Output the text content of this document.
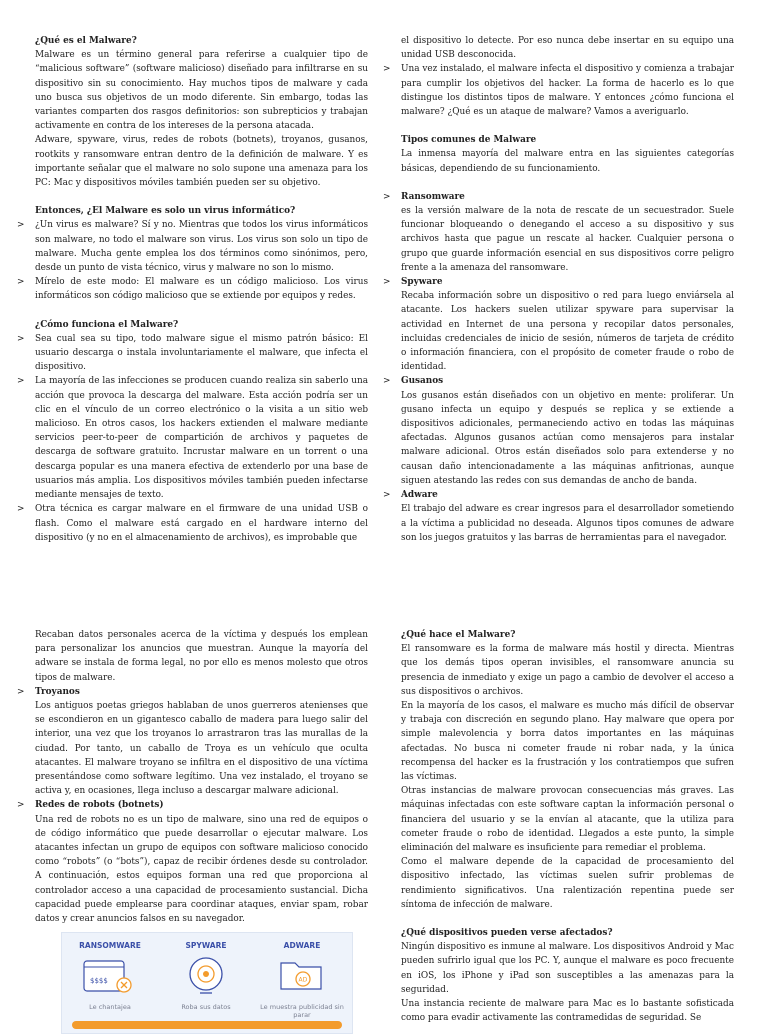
¿Qué es el Malware?

Malware es un término general para referirse a cualquier tipo de “malicious software” (software malicioso) diseñado para infiltrarse en su dispositivo sin su conocimiento. Hay muchos tipos de malware y cada uno busca sus objetivos de un modo diferente. Sin embargo, todas las variantes comparten dos rasgos definitorios: son subrepticios y trabajan activamente en contra de los intereses de la persona atacada.

Adware, spyware, virus, redes de robots (botnets), troyanos, gusanos, rootkits y ransomware entran dentro de la definición de malware. Y es importante señalar que el malware no solo supone una amenaza para los PC: Mac y dispositivos móviles también pueden ser su objetivo.

Entonces, ¿El Malware es solo un virus informático?

> ¿Un virus es malware? Sí y no. Mientras que todos los virus informáticos son malware, no todo el malware son virus. Los virus son solo un tipo de malware. Mucha gente emplea los dos términos como sinónimos, pero, desde un punto de vista técnico, virus y malware no son lo mismo.

> Mírelo de este modo: El malware es un código malicioso. Los virus informáticos son código malicioso que se extiende por equipos y redes.

¿Cómo funciona el Malware?

> Sea cual sea su tipo, todo malware sigue el mismo patrón básico: El usuario descarga o instala involuntariamente el malware, que infecta el dispositivo.

> La mayoría de las infecciones se producen cuando realiza sin saberlo una acción que provoca la descarga del malware. Esta acción podría ser un clic en el vínculo de un correo electrónico o la visita a un sitio web malicioso. En otros casos, los hackers extienden el malware mediante servicios peer-to-peer de compartición de archivos y paquetes de descarga de software gratuito. Incrustar malware en un torrent o una descarga popular es una manera efectiva de extenderlo por una base de usuarios más amplia. Los dispositivos móviles también pueden infectarse mediante mensajes de texto.

> Otra técnica es cargar malware en el firmware de una unidad USB o flash. Como el malware está cargado en el hardware interno del dispositivo (y no en el almacenamiento de archivos), es improbable que

el dispositivo lo detecte. Por eso nunca debe insertar en su equipo una unidad USB desconocida.

> Una vez instalado, el malware infecta el dispositivo y comienza a trabajar para cumplir los objetivos del hacker. La forma de hacerlo es lo que distingue los distintos tipos de malware. Y entonces ¿cómo funciona el malware? ¿Qué es un ataque de malware? Vamos a averiguarlo.

Tipos comunes de Malware

La inmensa mayoría del malware entra en las siguientes categorías básicas, dependiendo de su funcionamiento.

> Ransomware

es la versión malware de la nota de rescate de un secuestrador. Suele funcionar bloqueando o denegando el acceso a su dispositivo y sus archivos hasta que pague un rescate al hacker. Cualquier persona o grupo que guarde información esencial en sus dispositivos corre peligro frente a la amenaza del ransomware.

> Spyware

Recaba información sobre un dispositivo o red para luego enviársela al atacante. Los hackers suelen utilizar spyware para supervisar la actividad en Internet de una persona y recopilar datos personales, incluidas credenciales de inicio de sesión, números de tarjeta de crédito o información financiera, con el propósito de cometer fraude o robo de identidad.

> Gusanos

Los gusanos están diseñados con un objetivo en mente: proliferar. Un gusano infecta un equipo y después se replica y se extiende a dispositivos adicionales, permaneciendo activo en todas las máquinas afectadas. Algunos gusanos actúan como mensajeros para instalar malware adicional. Otros están diseñados solo para extenderse y no causan daño intencionadamente a las máquinas anfitrionas, aunque siguen atestando las redes con sus demandas de ancho de banda.

> Adware

El trabajo del adware es crear ingresos para el desarrollador sometiendo a la víctima a publicidad no deseada. Algunos tipos comunes de adware son los juegos gratuitos y las barras de herramientas para el navegador.

Recaban datos personales acerca de la víctima y después los emplean para personalizar los anuncios que muestran. Aunque la mayoría del adware se instala de forma legal, no por ello es menos molesto que otros tipos de malware.

> Troyanos

Los antiguos poetas griegos hablaban de unos guerreros atenienses que se escondieron en un gigantesco caballo de madera para luego salir del interior, una vez que los troyanos lo arrastraron tras las murallas de la ciudad. Por tanto, un caballo de Troya es un vehículo que oculta atacantes. El malware troyano se infiltra en el dispositivo de una víctima presentándose como software legítimo. Una vez instalado, el troyano se activa y, en ocasiones, llega incluso a descargar malware adicional.

> Redes de robots (botnets)

Una red de robots no es un tipo de malware, sino una red de equipos o de código informático que puede desarrollar o ejecutar malware. Los atacantes infectan un grupo de equipos con software malicioso conocido como “robots” (o “bots”), capaz de recibir órdenes desde su controlador. A continuación, estos equipos forman una red que proporciona al controlador acceso a una capacidad de procesamiento sustancial. Dicha capacidad puede emplearse para coordinar ataques, enviar spam, robar datos y crear anuncios falsos en su navegador.

RANSOMWARE
$$$$
Le chantajea
SPYWARE
Roba sus datos
ADWARE
AD
Le muestra publicidad sin parar

¿Qué hace el Malware?

El ransomware es la forma de malware más hostil y directa. Mientras que los demás tipos operan invisibles, el ransomware anuncia su presencia de inmediato y exige un pago a cambio de devolver el acceso a sus dispositivos o archivos.

En la mayoría de los casos, el malware es mucho más difícil de observar y trabaja con discreción en segundo plano. Hay malware que opera por simple malevolencia y borra datos importantes en las máquinas afectadas. No busca ni cometer fraude ni robar nada, y la única recompensa del hacker es la frustración y los contratiempos que sufren las víctimas.

Otras instancias de malware provocan consecuencias más graves. Las máquinas infectadas con este software captan la información personal o financiera del usuario y se la envían al atacante, que la utiliza para cometer fraude o robo de identidad. Llegados a este punto, la simple eliminación del malware es insuficiente para remediar el problema.

Como el malware depende de la capacidad de procesamiento del dispositivo infectado, las víctimas suelen sufrir problemas de rendimiento significativos. Una ralentización repentina puede ser síntoma de infección de malware.

¿Qué dispositivos pueden verse afectados?

Ningún dispositivo es inmune al malware. Los dispositivos Android y Mac pueden sufrirlo igual que los PC. Y, aunque el malware es poco frecuente en iOS, los iPhone y iPad son susceptibles a las amenazas para la seguridad.

Una instancia reciente de malware para Mac es lo bastante sofisticada como para evadir activamente las contramedidas de seguridad. Se
